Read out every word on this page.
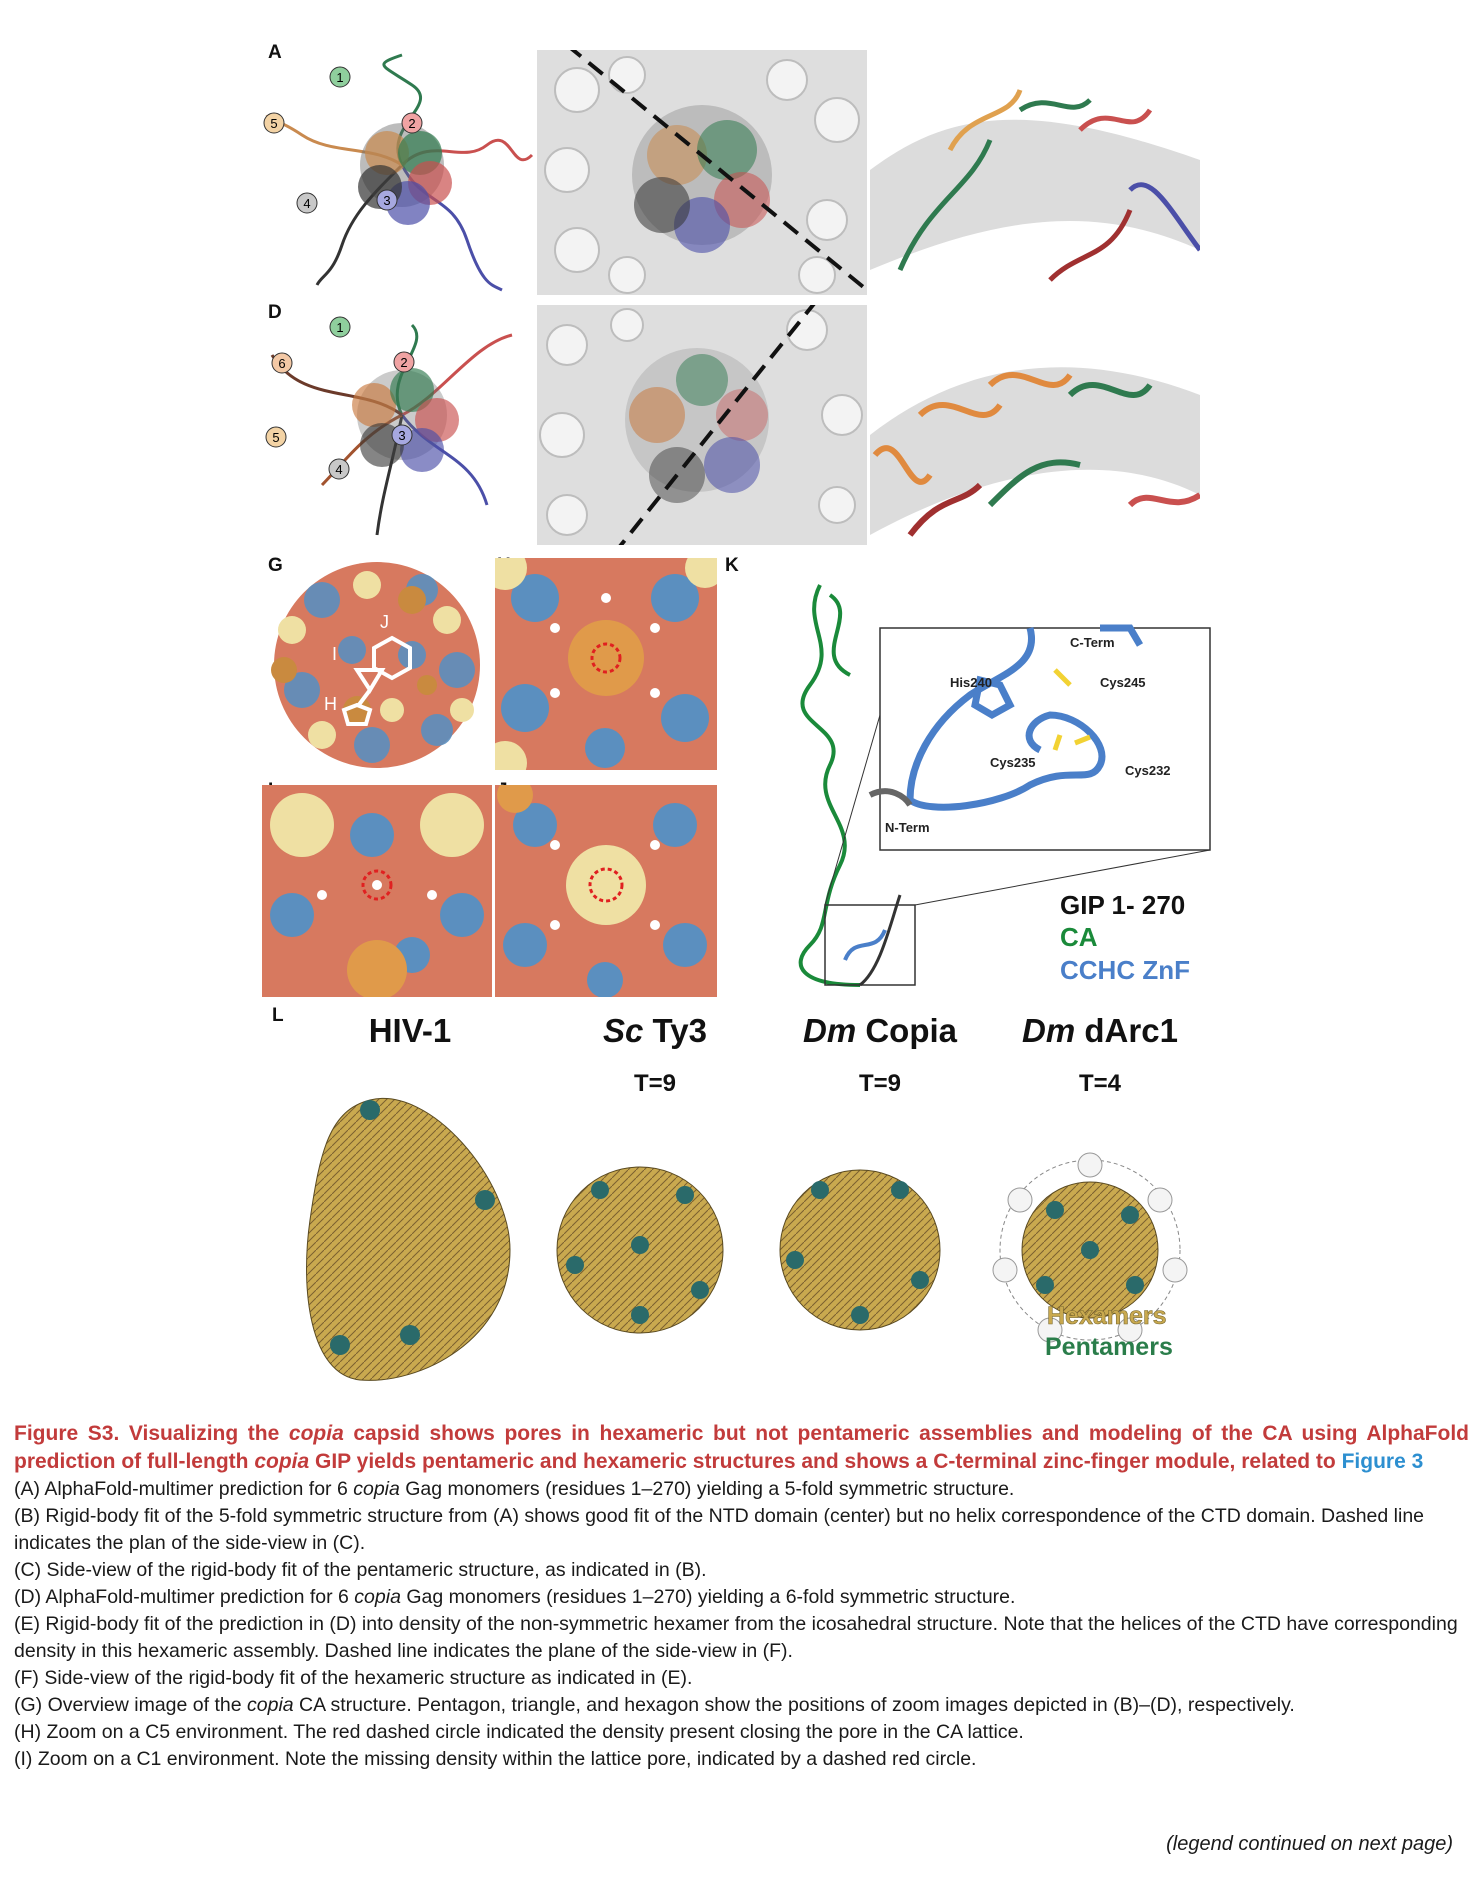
A
D
G	K
L
1
2
3
4
5
1
2
3
4
5
6
J
I
H
C-Term
His240	Cys245
Cys235
Cys232
N-Term
GIP 1- 270
CA
CCHC ZnF
HIV-1	Sc Ty3	Dm Copia	Dm dArc1
T=9	T=9	T=4
Hexamers
Pentamers

Figure S3. Visualizing the copia capsid shows pores in hexameric but not pentameric assemblies and modeling of the CA using AlphaFold prediction of full-length copia GIP yields pentameric and hexameric structures and shows a C-terminal zinc-finger module, related to Figure 3

(A) AlphaFold-multimer prediction for 6 copia Gag monomers (residues 1–270) yielding a 5-fold symmetric structure.

(B) Rigid-body fit of the 5-fold symmetric structure from (A) shows good fit of the NTD domain (center) but no helix correspondence of the CTD domain. Dashed line indicates the plan of the side-view in (C).

(C) Side-view of the rigid-body fit of the pentameric structure, as indicated in (B).

(D) AlphaFold-multimer prediction for 6 copia Gag monomers (residues 1–270) yielding a 6-fold symmetric structure.

(E) Rigid-body fit of the prediction in (D) into density of the non-symmetric hexamer from the icosahedral structure. Note that the helices of the CTD have corresponding density in this hexameric assembly. Dashed line indicates the plane of the side-view in (F).

(F) Side-view of the rigid-body fit of the hexameric structure as indicated in (E).

(G) Overview image of the copia CA structure. Pentagon, triangle, and hexagon show the positions of zoom images depicted in (B)–(D), respectively.

(H) Zoom on a C5 environment. The red dashed circle indicated the density present closing the pore in the CA lattice.

(I) Zoom on a C1 environment. Note the missing density within the lattice pore, indicated by a dashed red circle.

(legend continued on next page)
